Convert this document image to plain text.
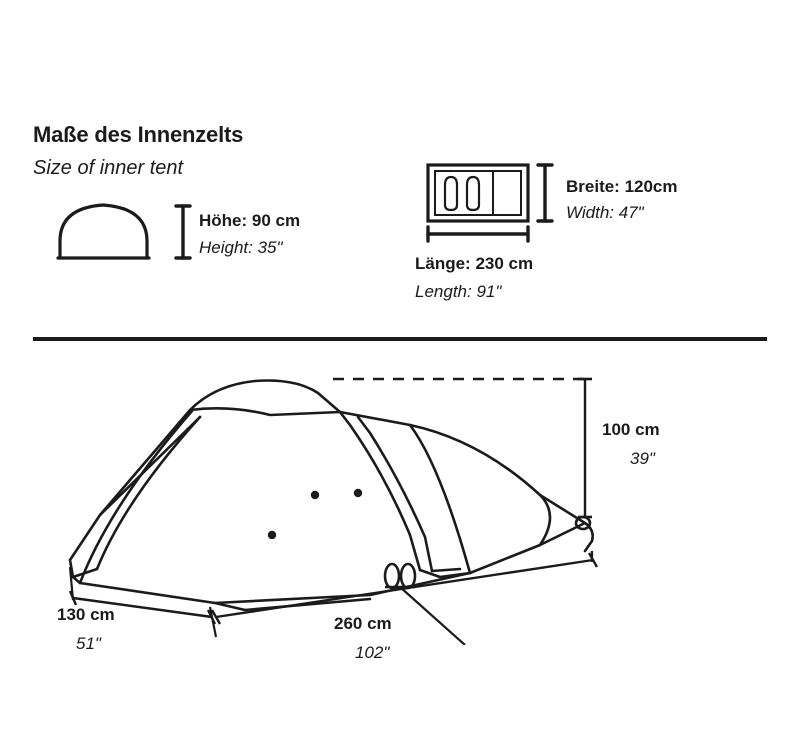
Maße des Innenzelts
Size of inner tent
Höhe: 90 cm
Height: 35"
Breite: 120cm
Width: 47"
Länge: 230 cm
Length: 91"
100 cm
39"
130 cm
51"
260 cm
102"
